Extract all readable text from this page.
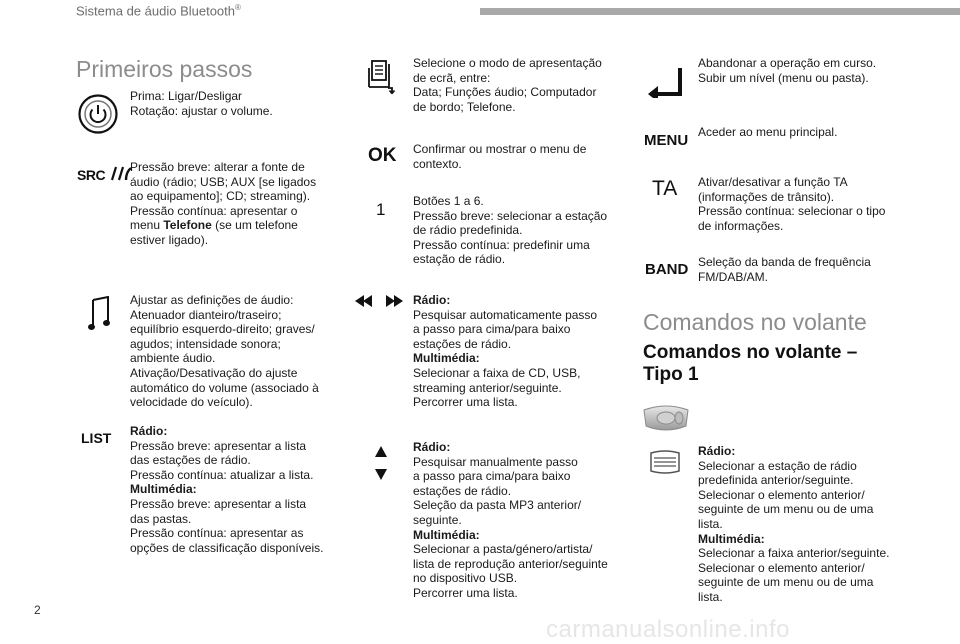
Sistema de áudio Bluetooth®
Primeiros passos
Prima: Ligar/Desligar
Rotação: ajustar o volume.
SRC	Pressão breve: alterar a fonte de
áudio (rádio; USB; AUX [se ligados
ao equipamento]; CD; streaming).
Pressão contínua: apresentar o
menu Telefone (se um telefone
estiver ligado).
Ajustar as definições de áudio:
Atenuador dianteiro/traseiro;
equilíbrio esquerdo-direito; graves/
agudos; intensidade sonora;
ambiente áudio.
Ativação/Desativação do ajuste
automático do volume (associado à
velocidade do veículo).
LIST Rádio:
Pressão breve: apresentar a lista
das estações de rádio.
Pressão contínua: atualizar a lista.
Multimédia:
Pressão breve: apresentar a lista
das pastas.
Pressão contínua: apresentar as
opções de classificação disponíveis.
Selecione o modo de apresentação
de ecrã, entre:
Data; Funções áudio; Computador
de bordo; Telefone.
OK Confirmar ou mostrar o menu de
contexto.
1 Botões 1 a 6.
Pressão breve: selecionar a estação
de rádio predefinida.
Pressão contínua: predefinir uma
estação de rádio.
Rádio:
Pesquisar automaticamente passo
a passo para cima/para baixo
estações de rádio.
Multimédia:
Selecionar a faixa de CD, USB,
streaming anterior/seguinte.
Percorrer uma lista.
Rádio:
Pesquisar manualmente passo
a passo para cima/para baixo
estações de rádio.
Seleção da pasta MP3 anterior/
seguinte.
Multimédia:
Selecionar a pasta/género/artista/
lista de reprodução anterior/seguinte
no dispositivo USB.
Percorrer uma lista.
Abandonar a operação em curso.
Subir um nível (menu ou pasta).
MENU Aceder ao menu principal.
TA Ativar/desativar a função TA
(informações de trânsito).
Pressão contínua: selecionar o tipo
de informações.
BAND Seleção da banda de frequência
FM/DAB/AM.
Comandos no volante
Comandos no volante –
Tipo 1
Rádio:
Selecionar a estação de rádio
predefinida anterior/seguinte.
Selecionar o elemento anterior/
seguinte de um menu ou de uma
lista.
Multimédia:
Selecionar a faixa anterior/seguinte.
Selecionar o elemento anterior/
seguinte de um menu ou de uma
lista.
2
carmanualsonline.info
